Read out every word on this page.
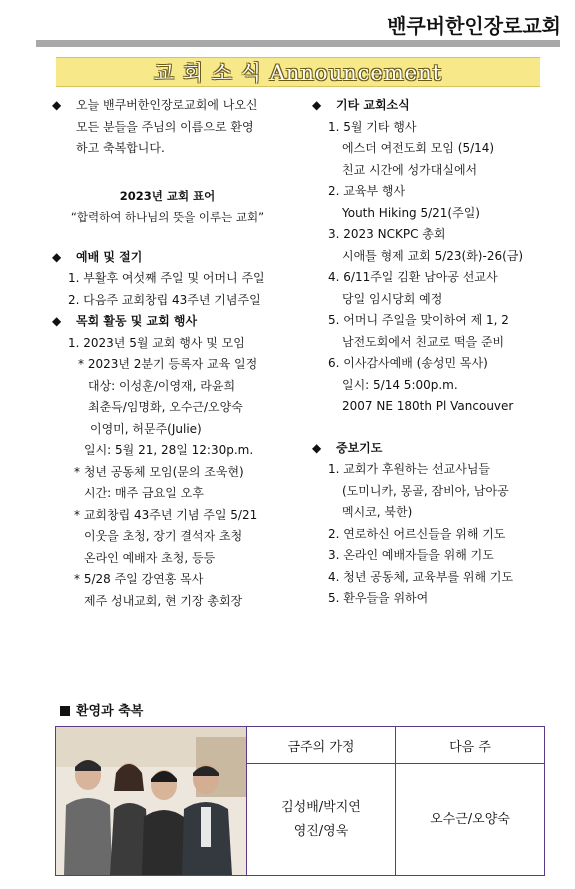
밴쿠버한인장로교회
교 회 소 식 Announcement

◆ 오늘 밴쿠버한인장로교회에 나오신

모든 분들을 주님의 이름으로 환영

하고 축복합니다.

2023년 교회 표어

“합력하여 하나님의 뜻을 이루는 교회”

◆ 예배 및 절기

1. 부활후 여섯째 주일 및 어머니 주일

2. 다음주 교회창립 43주년 기념주일

◆ 목회 활동 및 교회 행사

1. 2023년 5월 교회 행사 및 모임

* 2023년 2분기 등록자 교육 일정

대상: 이성훈/이영재, 라윤희

최춘득/임명화, 오수근/오양숙

이영미, 허문주(Julie)

일시: 5월 21, 28일 12:30p.m.

* 청년 공동체 모임(문의 조욱현)

시간: 매주 금요일 오후

* 교회창립 43주년 기념 주일 5/21

이웃을 초청, 장기 결석자 초청

온라인 예배자 초청, 등등

* 5/28 주일 강연홍 목사

제주 성내교회, 현 기장 총회장

◆ 기타 교회소식

1. 5월 기타 행사

에스더 여전도회 모임 (5/14)

친교 시간에 성가대실에서

2. 교육부 행사

Youth Hiking 5/21(주일)

3. 2023 NCKPC 총회

시애틀 형제 교회 5/23(화)-26(금)

4. 6/11주일 김환 남아공 선교사

당일 임시당회 예정

5. 어머니 주일을 맞이하여 제 1, 2

남전도회에서 친교로 떡을 준비

6. 이사감사예배 (송성민 목사)

일시: 5/14 5:00p.m.

2007 NE 180th Pl Vancouver

◆ 중보기도

1. 교회가 후원하는 선교사님들

(도미니카, 몽골, 잠비아, 남아공

멕시코, 북한)

2. 연로하신 어르신들을 위해 기도

3. 온라인 예배자들을 위해 기도

4. 청년 공동체, 교육부를 위해 기도

5. 환우들을 위하여

환영과 축복
금주의 가정	다음 주
김성배/박지연
영진/영욱
오수근/오양숙
